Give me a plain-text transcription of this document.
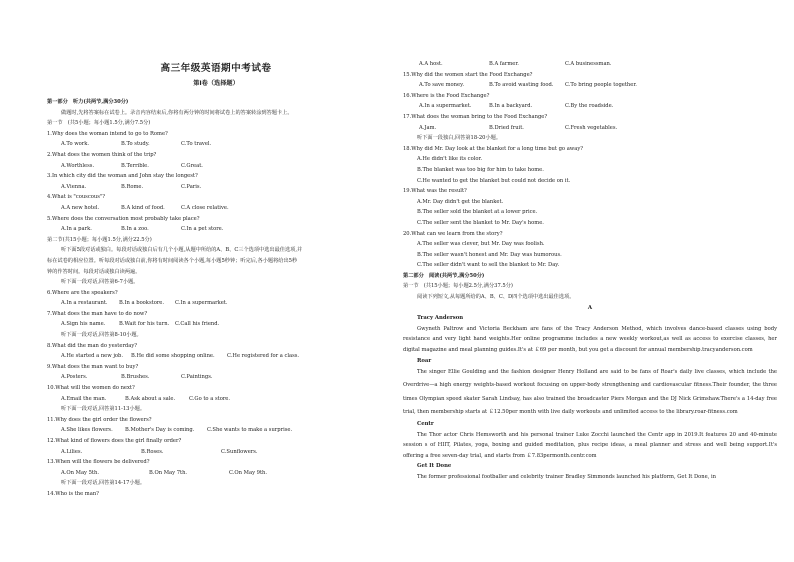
高三年级英语期中考试卷
第Ⅰ卷（选择题）
第一部分　听力(共两节,满分30分)
做题时,先将答案标在试卷上。录音内容结束后,你将有两分钟的时间将试卷上的答案转涂到答题卡上。
第一节　(共5小题；每小题1.5分,满分7.5分)
1.Why does the woman intend to go to Rome?
A.To work.	B.To study.	C.To travel.
2.What does the women think of the trip?
A.Worthless.	B.Terrible.	C.Great.
3.In which city did the woman and John stay the longest?
A.Vienna.	B.Rome.	C.Paris.
4.What is "couscous"?
A.A new hotel.	B.A kind of food.	C.A close relative.
5.Where does the conversation most probably take place?
A.In a park.	B.In a zoo.	C.In a pet store.
第二节(共15小题；每小题1.5分,满分22.5分)
听下面5段对话或独白。每段对话或独白后有几个小题,从题中所给的A、B、C三个选项中选出最佳选项,并
标在试卷的相应位置。听每段对话或独白前,你将有时间阅读各个小题,每小题5秒钟；听完后,各小题将给出5秒
钟的作答时间。每段对话或独白读两遍。
听下面一段对话,回答第6-7小题。
6.Where are the speakers?
A.In a restaurant. B.In a bookstore. C.In a supermarket.
7.What does the man have to do now?
A.Sign his name.	B.Wait for his turn. C.Call his friend.
听下面一段对话,回答第8-10小题。
8.What did the man do yesterday?
A.He started a new job. B.He did some shopping online. C.He registered for a class.
9.What does the man want to buy?
A.Posters.	B.Brushes.	C.Paintings.
10.What will the women do next?
A.Email the man.	B.Ask about a sale.	C.Go to a store.
听下面一段对话,回答第11-13小题。
11.Why does the girl order the flowers?
A.She likes flowers. B.Mother's Day is coming. C.She wants to make a surprise.
12.What kind of flowers does the girl finally order?
A.Lilies.	B.Roses.	C.Sunflowers.
13.When will the flowers be delivered?
A.On May 5th.	B.On May 7th.	C.On May 9th.
听下面一段对话,回答第14-17小题。
14.Who is the man?
A.A host.	B.A farmer.	C.A businessman.
15.Why did the women start the Food Exchange?
A.To save money.	B.To avoid wasting food. C.To bring people together.
16.Where is the Food Exchange?
A.In a supermarket.	B.In a backyard.	C.By the roadside.
17.What does the woman bring to the Food Exchange?
A.Jam.	B.Dried fruit.	C.Fresh vegetables.
听下面一段独白,回答第18-20小题。
18.Why did Mr. Day look at the blanket for a long time but go away?
A.He didn't like its color.
B.The blanket was too big for him to take home.
C.He wanted to get the blanket but could not decide on it.
19.What was the result?
A.Mr. Day didn't get the blanket.
B.The seller sold the blanket at a lower price.
C.The seller sent the blanket to Mr. Day's home.
20.What can we learn from the story?
A.The seller was clever, but Mr. Day was foolish.
B.The seller wasn't honest and Mr. Day was humorous.
C.The seller didn't want to sell the blanket to Mr. Day.
第二部分　阅读(共两节,满分50分)
第一节　(共15小题；每小题2.5分,满分37.5分)
阅读下列短文,从每题所给的A、B、C、D四个选项中选出最佳选项。
A
Tracy Anderson
Gwyneth Paltrow and Victoria Beckham are fans of the Tracy Anderson Method, which involves dance-based classes using body resistance and very light hand weights.Her online programme includes a new weekly workout,as well as access to exercise classes, her digital magazine and meal planning guides.It's at ￡69 per month, but you get a discount for annual membership.tracyanderson.com
Roar
The singer Ellie Goulding and the fashion designer Henry Holland are said to be fans of Roar's daily live classes, which include the Overdrive—a high energy weights-based workout focusing on upper-body strengthening and cardiovascular fitness.Their founder, the three times Olympian speed skater Sarah Lindsay, has also trained the broadcaster Piers Morgan and the DJ Nick Grimshaw.There's a 14-day free trial, then membership starts at ￡12.50per month with live daily workouts and unlimited access to the library.roar-fitness.com
Centr
The Thor actor Chris Hemsworth and his personal trainer Luke Zocchi launched the Centr app in 2019.It features 20 and 40-minute session s of HIIT, Pilates, yoga, boxing and guided meditation, plus recipe ideas, a meal planner and stress and well being support.It's offering a free seven-day trial, and starts from ￡7.83permonth.centr.com
Get It Done
The former professional footballer and celebrity trainer Bradley Simmonds launched his platform, Get It Done, in
